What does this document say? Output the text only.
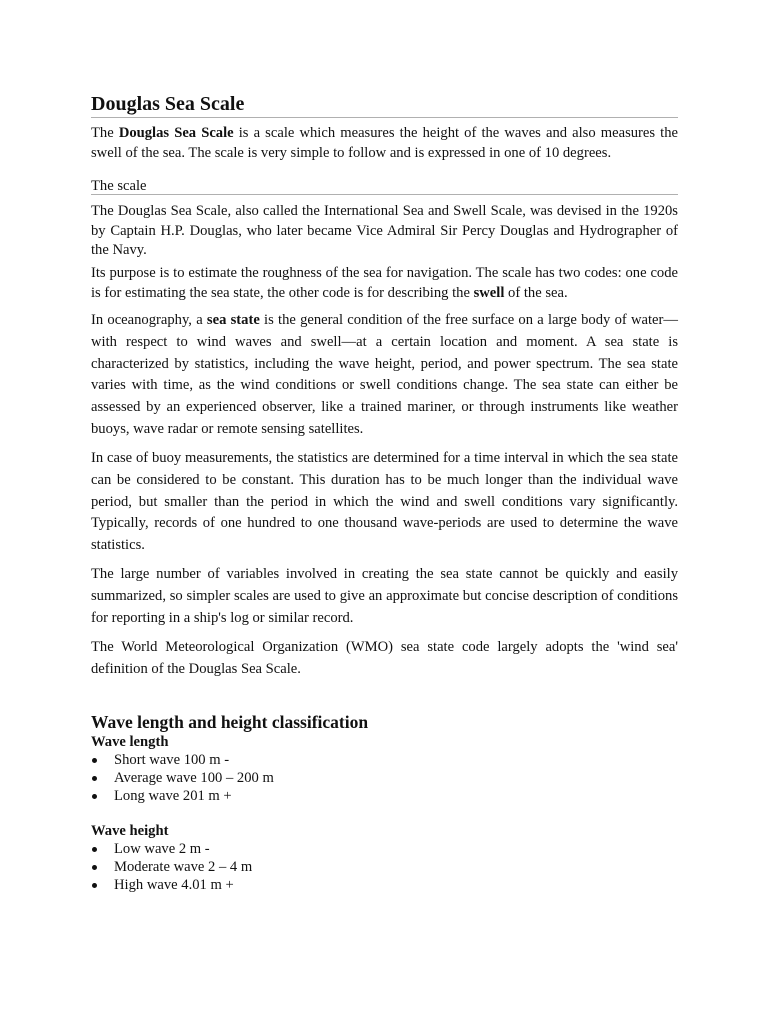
Douglas Sea Scale

The Douglas Sea Scale is a scale which measures the height of the waves and also measures the swell of the sea. The scale is very simple to follow and is expressed in one of 10 degrees.

The scale

The Douglas Sea Scale, also called the International Sea and Swell Scale, was devised in the 1920s by Captain H.P. Douglas, who later became Vice Admiral Sir Percy Douglas and Hydrographer of the Navy.

Its purpose is to estimate the roughness of the sea for navigation. The scale has two codes: one code is for estimating the sea state, the other code is for describing the swell of the sea.

In oceanography, a sea state is the general condition of the free surface on a large body of water—with respect to wind waves and swell—at a certain location and moment. A sea state is characterized by statistics, including the wave height, period, and power spectrum. The sea state varies with time, as the wind conditions or swell conditions change. The sea state can either be assessed by an experienced observer, like a trained mariner, or through instruments like weather buoys, wave radar or remote sensing satellites.

In case of buoy measurements, the statistics are determined for a time interval in which the sea state can be considered to be constant. This duration has to be much longer than the individual wave period, but smaller than the period in which the wind and swell conditions vary significantly. Typically, records of one hundred to one thousand wave-periods are used to determine the wave statistics.

The large number of variables involved in creating the sea state cannot be quickly and easily summarized, so simpler scales are used to give an approximate but concise description of conditions for reporting in a ship's log or similar record.

The World Meteorological Organization (WMO) sea state code largely adopts the 'wind sea' definition of the Douglas Sea Scale.

Wave length and height classification

Wave length

Short wave 100 m -
Average wave 100 – 200 m
Long wave 201 m +

Wave height

Low wave 2 m -
Moderate wave 2 – 4 m
High wave 4.01 m +
